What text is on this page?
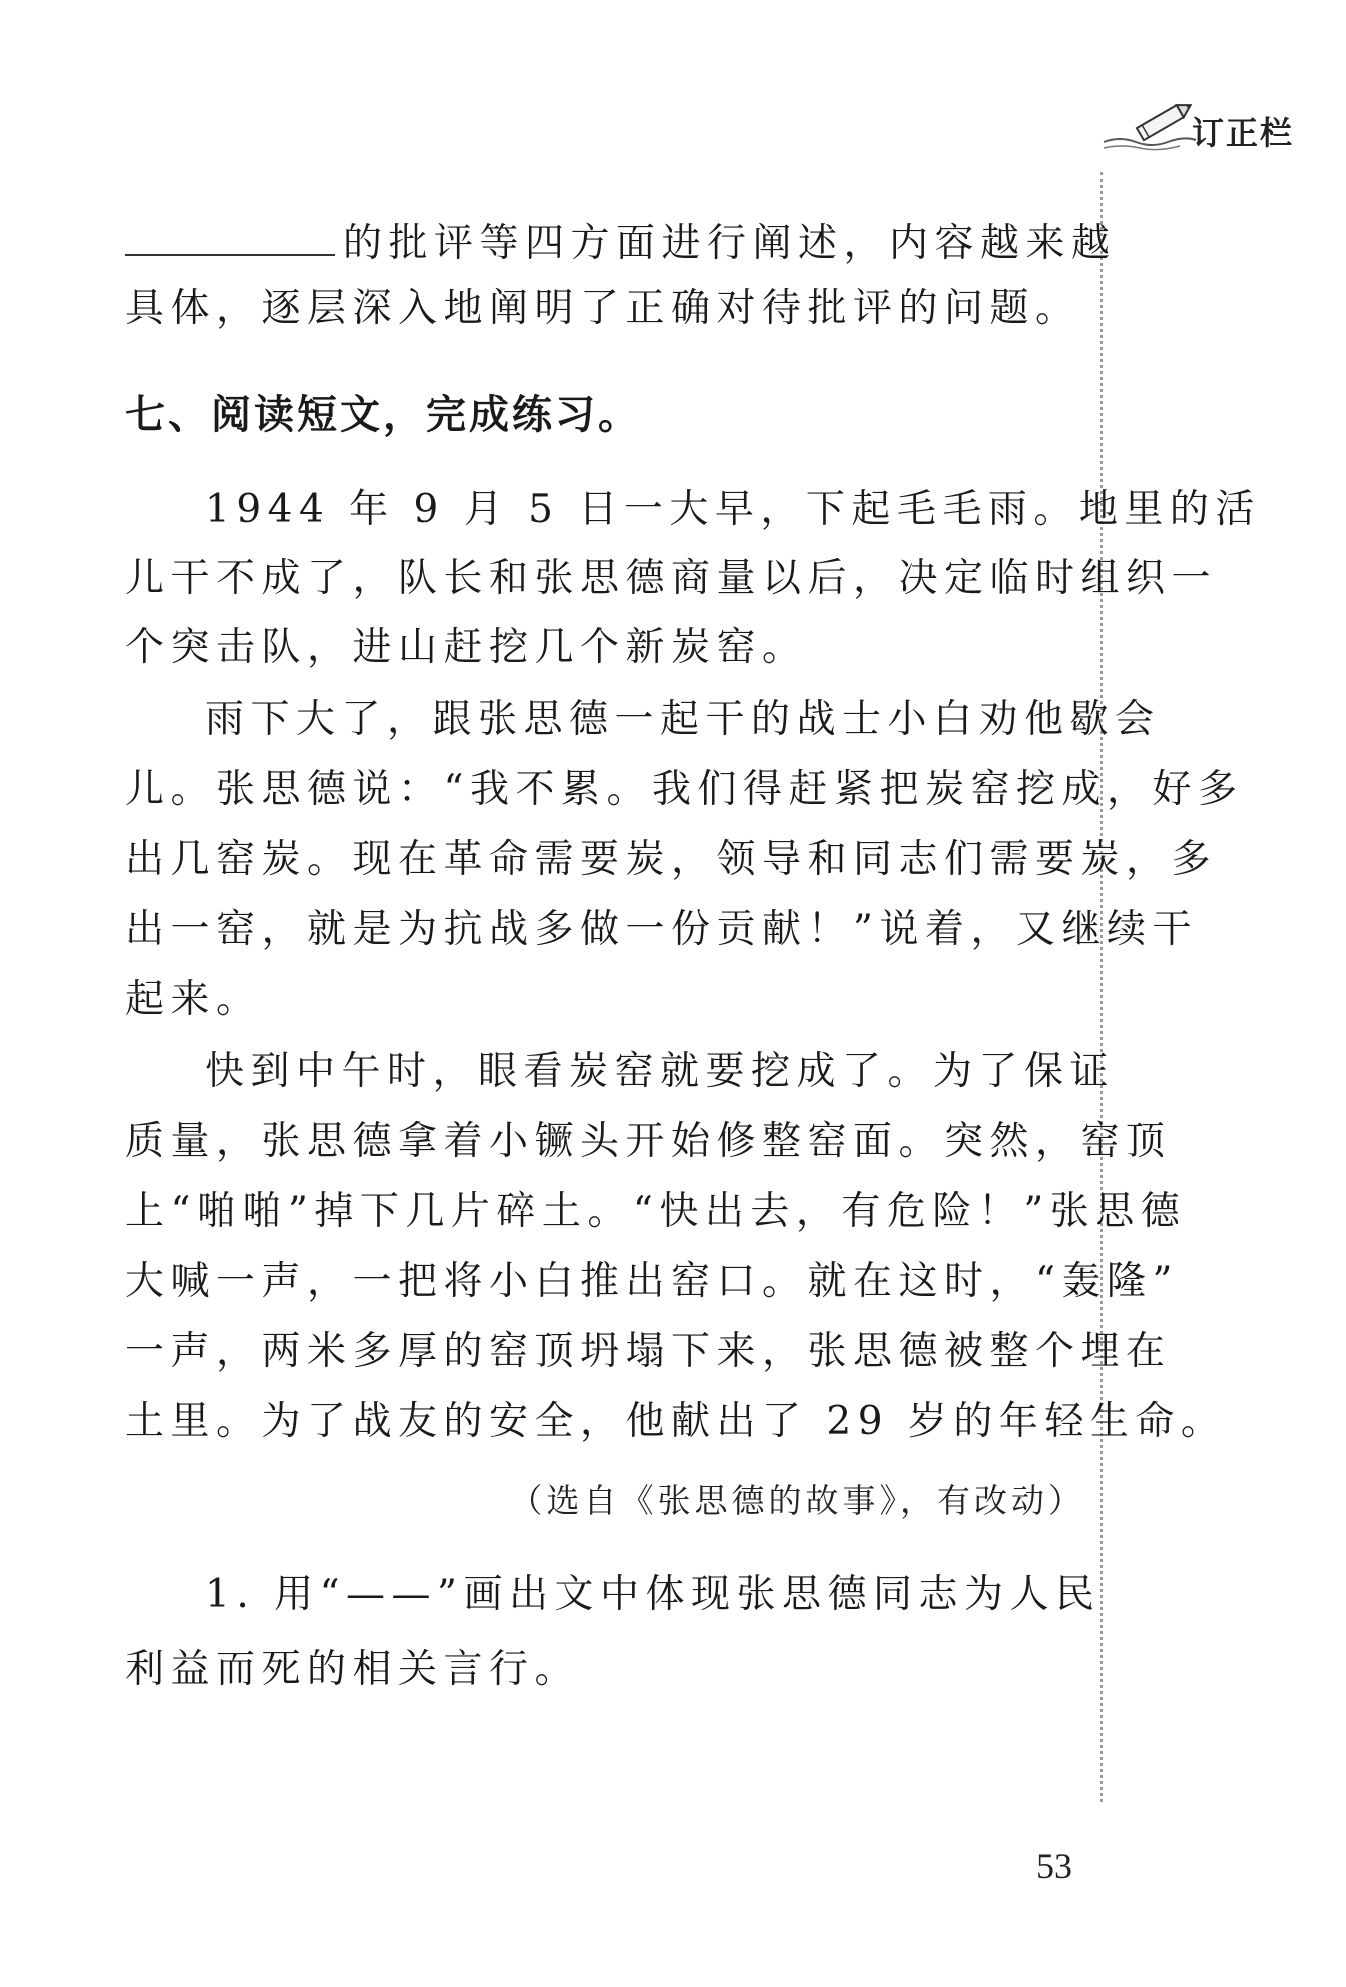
订正栏
的批评等四方面进行阐述，内容越来越
具体，逐层深入地阐明了正确对待批评的问题。
七、阅读短文，完成练习。
1944 年 9 月 5 日一大早，下起毛毛雨。地里的活
儿干不成了，队长和张思德商量以后，决定临时组织一
个突击队，进山赶挖几个新炭窑。
雨下大了，跟张思德一起干的战士小白劝他歇会
儿。张思德说：“我不累。我们得赶紧把炭窑挖成，好多
出几窑炭。现在革命需要炭，领导和同志们需要炭，多
出一窑，就是为抗战多做一份贡献！”说着，又继续干
起来。
快到中午时，眼看炭窑就要挖成了。为了保证
质量，张思德拿着小镢头开始修整窑面。突然，窑顶
上“啪啪”掉下几片碎土。“快出去，有危险！”张思德
大喊一声，一把将小白推出窑口。就在这时，“轰隆”
一声，两米多厚的窑顶坍塌下来，张思德被整个埋在
土里。为了战友的安全，他献出了 29 岁的年轻生命。
（选自《张思德的故事》，有改动）
1. 用“——”画出文中体现张思德同志为人民
利益而死的相关言行。
53
